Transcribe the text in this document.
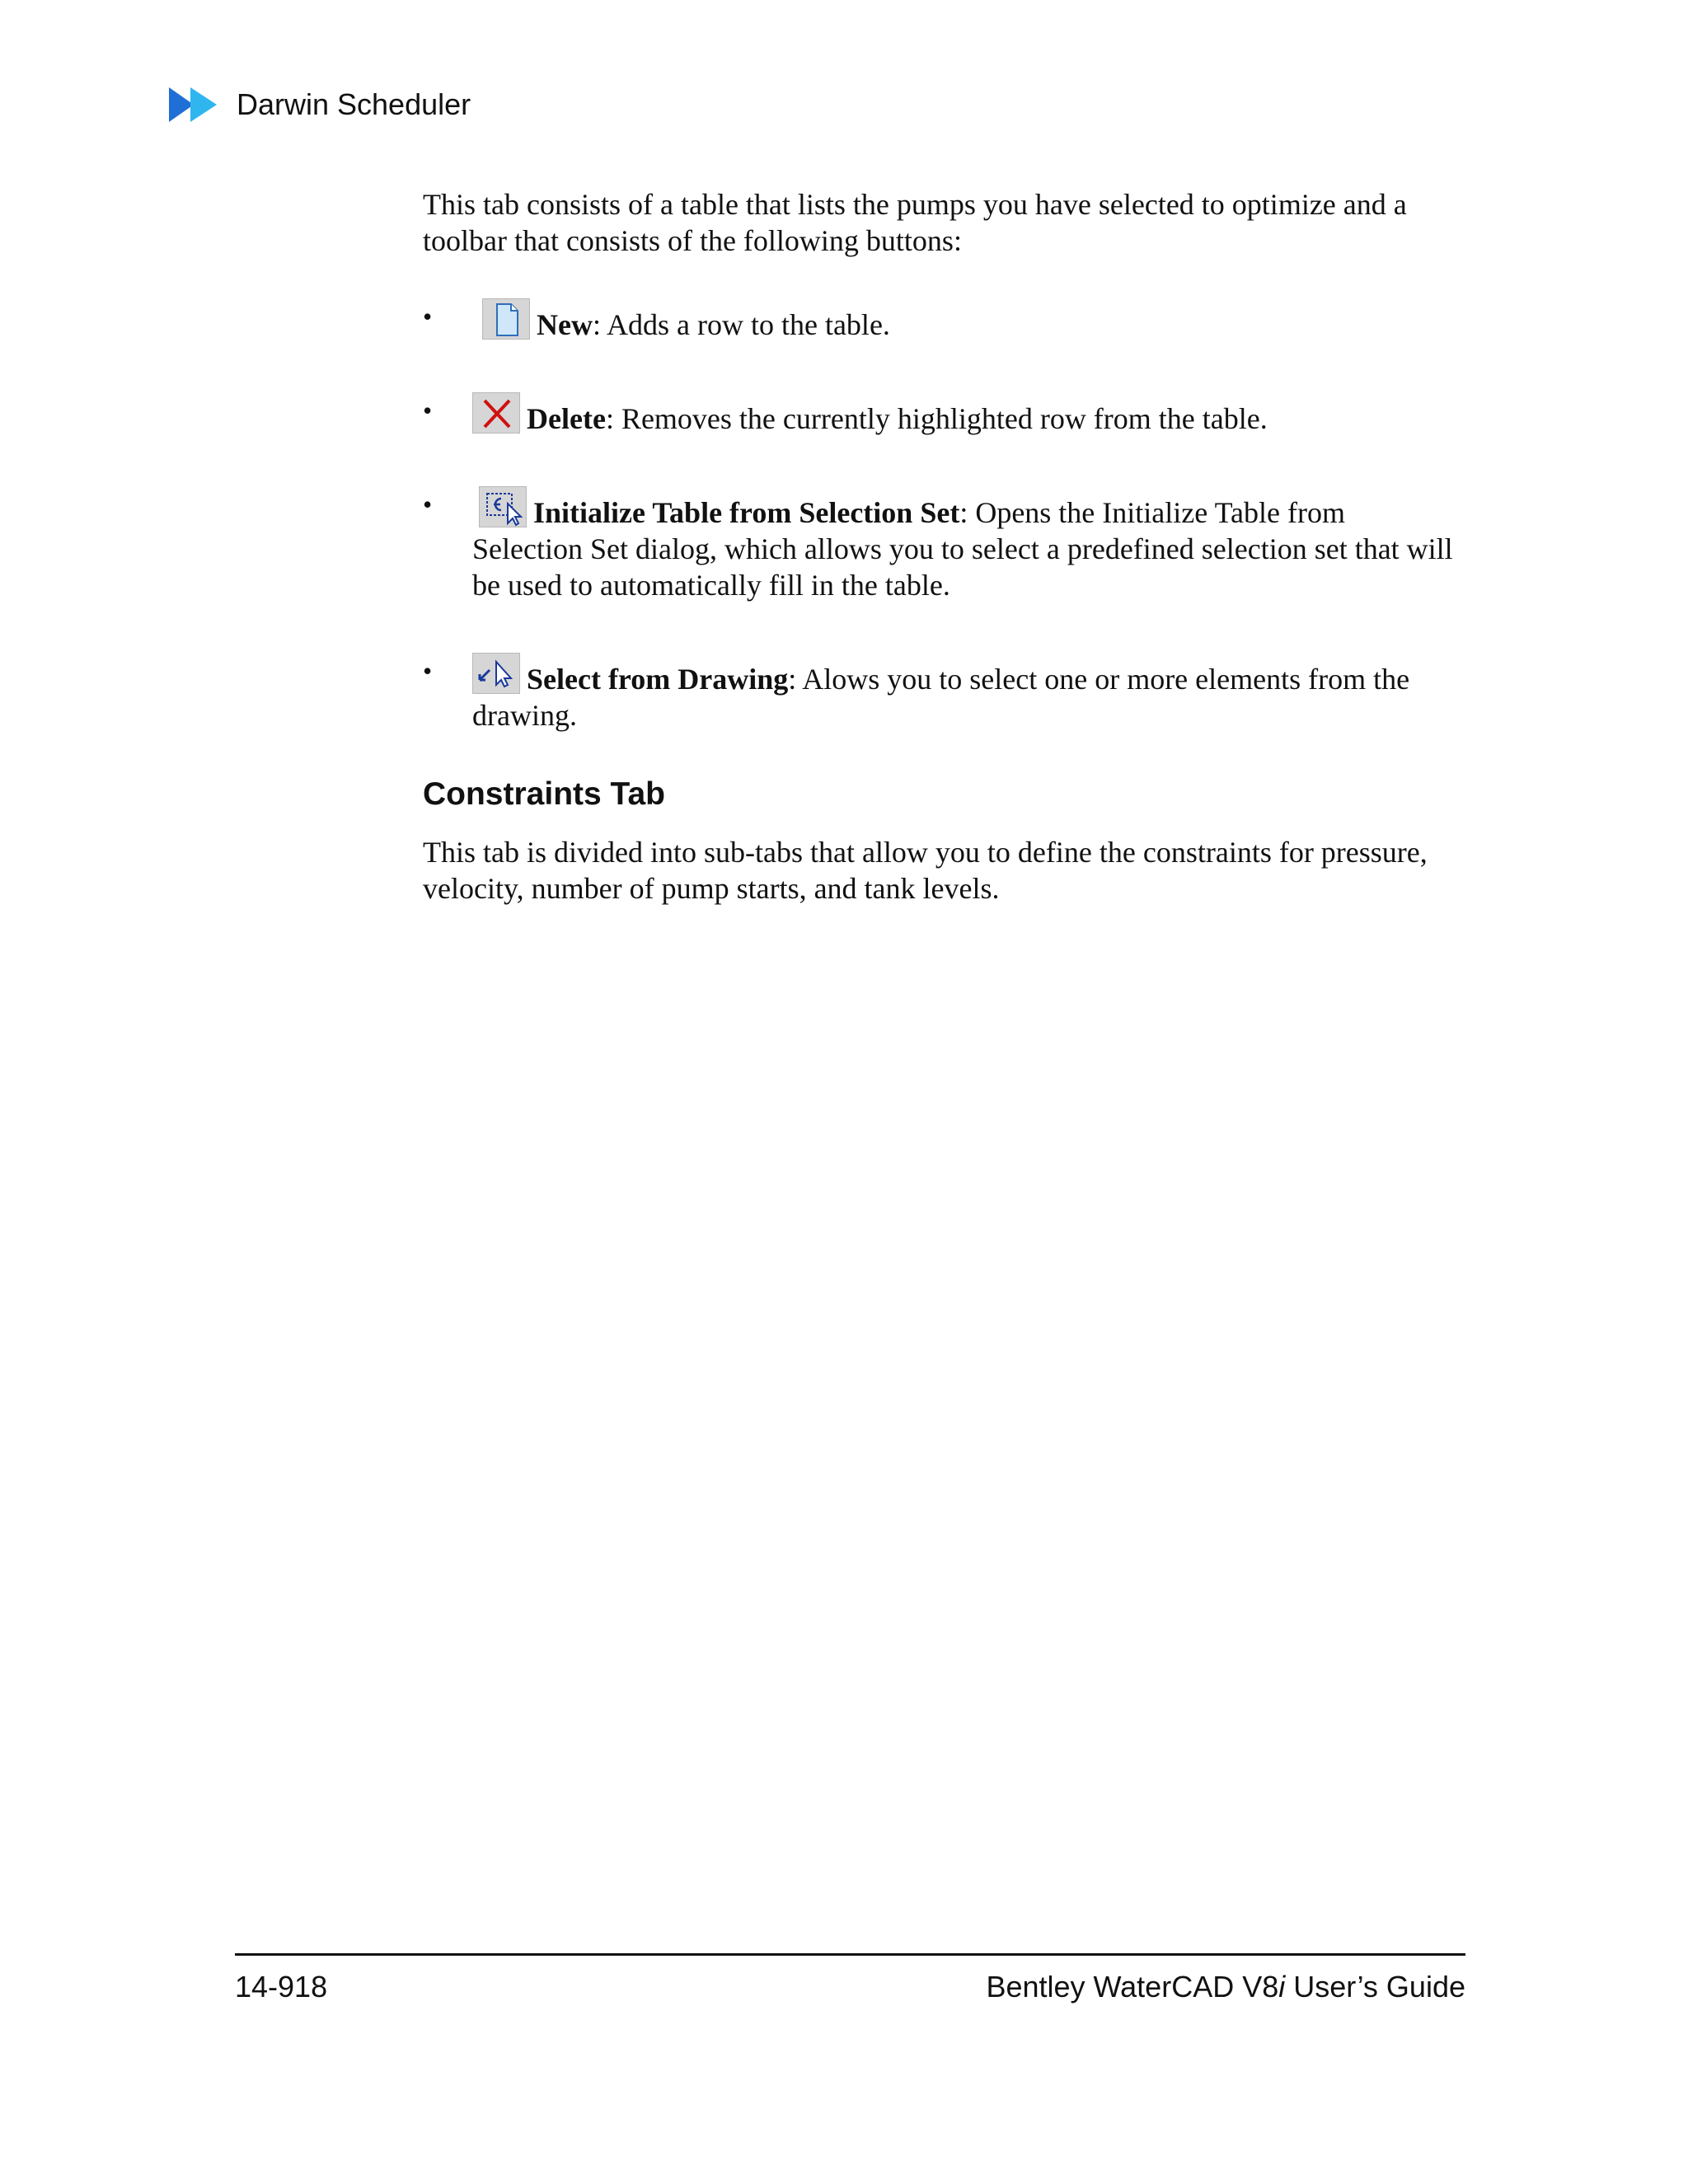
Darwin Scheduler

This tab consists of a table that lists the pumps you have selected to optimize and a toolbar that consists of the following buttons:

•	New: Adds a row to the table.
•	Delete: Removes the currently highlighted row from the table.
•	Initialize Table from Selection Set: Opens the Initialize Table from Selection Set dialog, which allows you to select a predefined selection set that will be used to automatically fill in the table.
•	Select from Drawing: Alows you to select one or more elements from the drawing.
Constraints Tab

This tab is divided into sub-tabs that allow you to define the constraints for pressure, velocity, number of pump starts, and tank levels.

14-918	Bentley WaterCAD V8i User’s Guide
